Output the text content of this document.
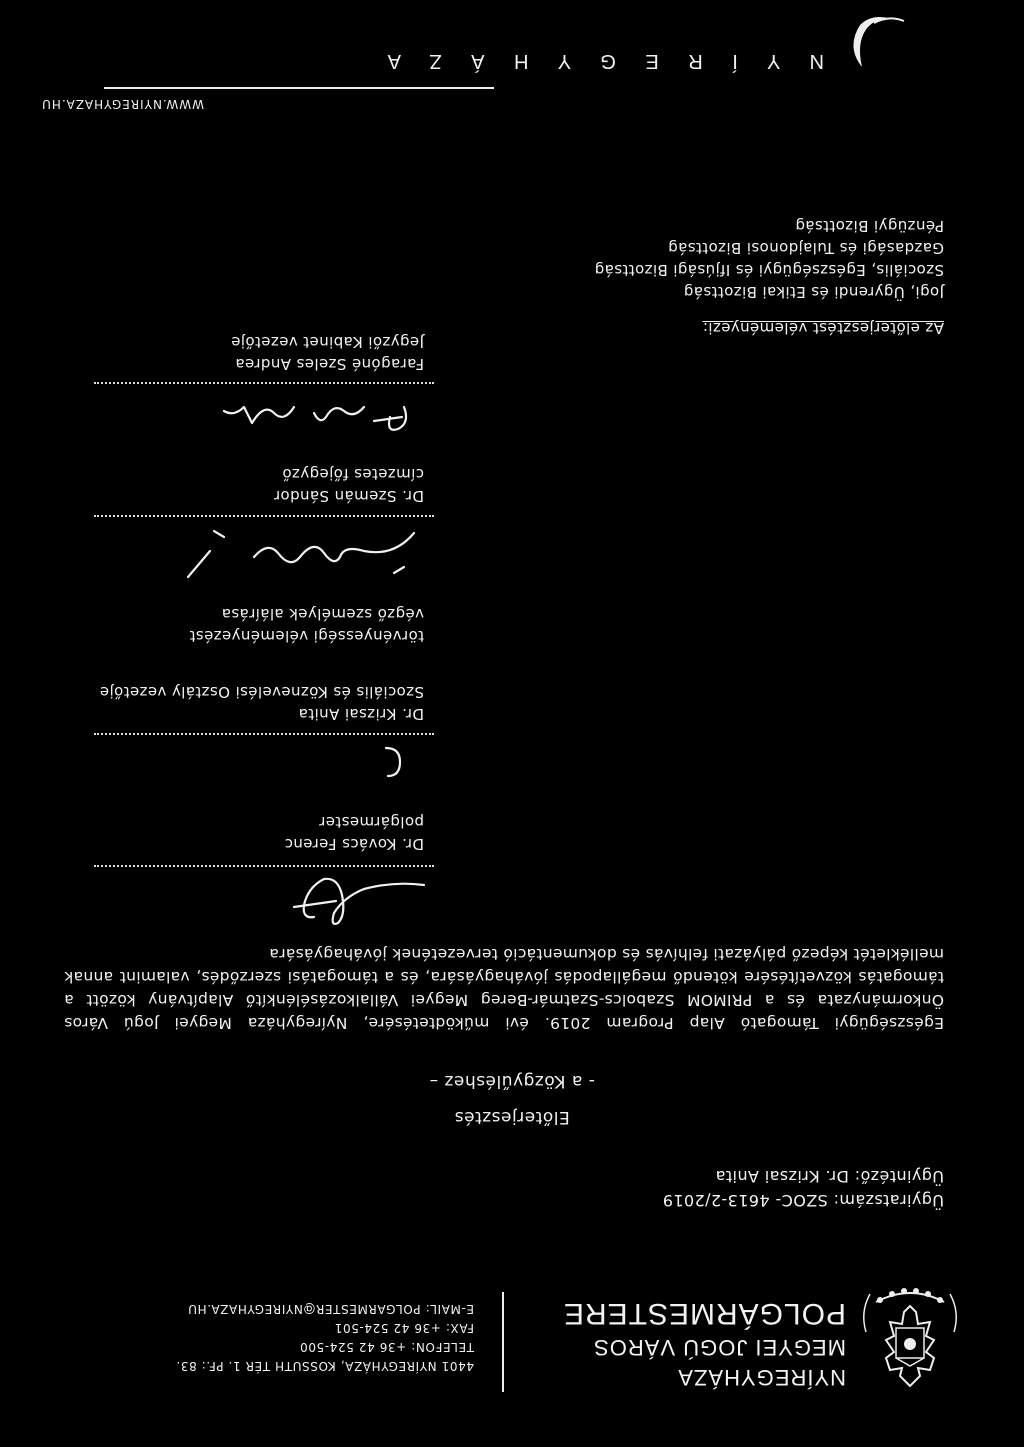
NYÍREGYHÁZA
MEGYEI JOGÚ VÁROS
POLGÁRMESTERE
4401 NYÍREGYHÁZA, KOSSUTH TÉR 1. PF.: 83.
TELEFON: +36 42 524-500
FAX: +36 42 524-501
E-MAIL: POLGARMESTER@NYIREGYHAZA.HU
Ügyiratszám: SZOC- 4613-2/2019
Ügyintéző: Dr. Krizsai Anita
Előterjesztés
- a Közgyűléshez –
Egészségügyi Támogató Alap Program 2019. évi működtetésére, Nyíregyháza Megyei Jogú Város Önkormányzata és a PRIMOM Szabolcs-Szatmár-Bereg Megyei Vállalkozásélénkítő Alapítvány között a támogatás közvetítésére kötendő megállapodás jóváhagyására, és a támogatási szerződés, valamint annak mellékletét képező pályázati felhívás és dokumentáció tervezetének jóváhagyására
Dr. Kovács Ferenc
polgármester
Dr. Krizsai Anita
Szociális és Köznevelési Osztály vezetője
törvényességi véleményezést
végző személyek aláírása
Dr. Szemán Sándor
címzetes főjegyző
Faragóné Szeles Andrea
Jegyzői Kabinet vezetője
Az előterjesztést véleményezi:
Jogi, Ügyrendi és Etikai Bizottság
Szociális, Egészségügyi és Ifjúsági Bizottság
Gazdasági és Tulajdonosi Bizottság
Pénzügyi Bizottság
WWW.NYIREGYHAZA.HU
N Y Í R E G Y H Á Z A
